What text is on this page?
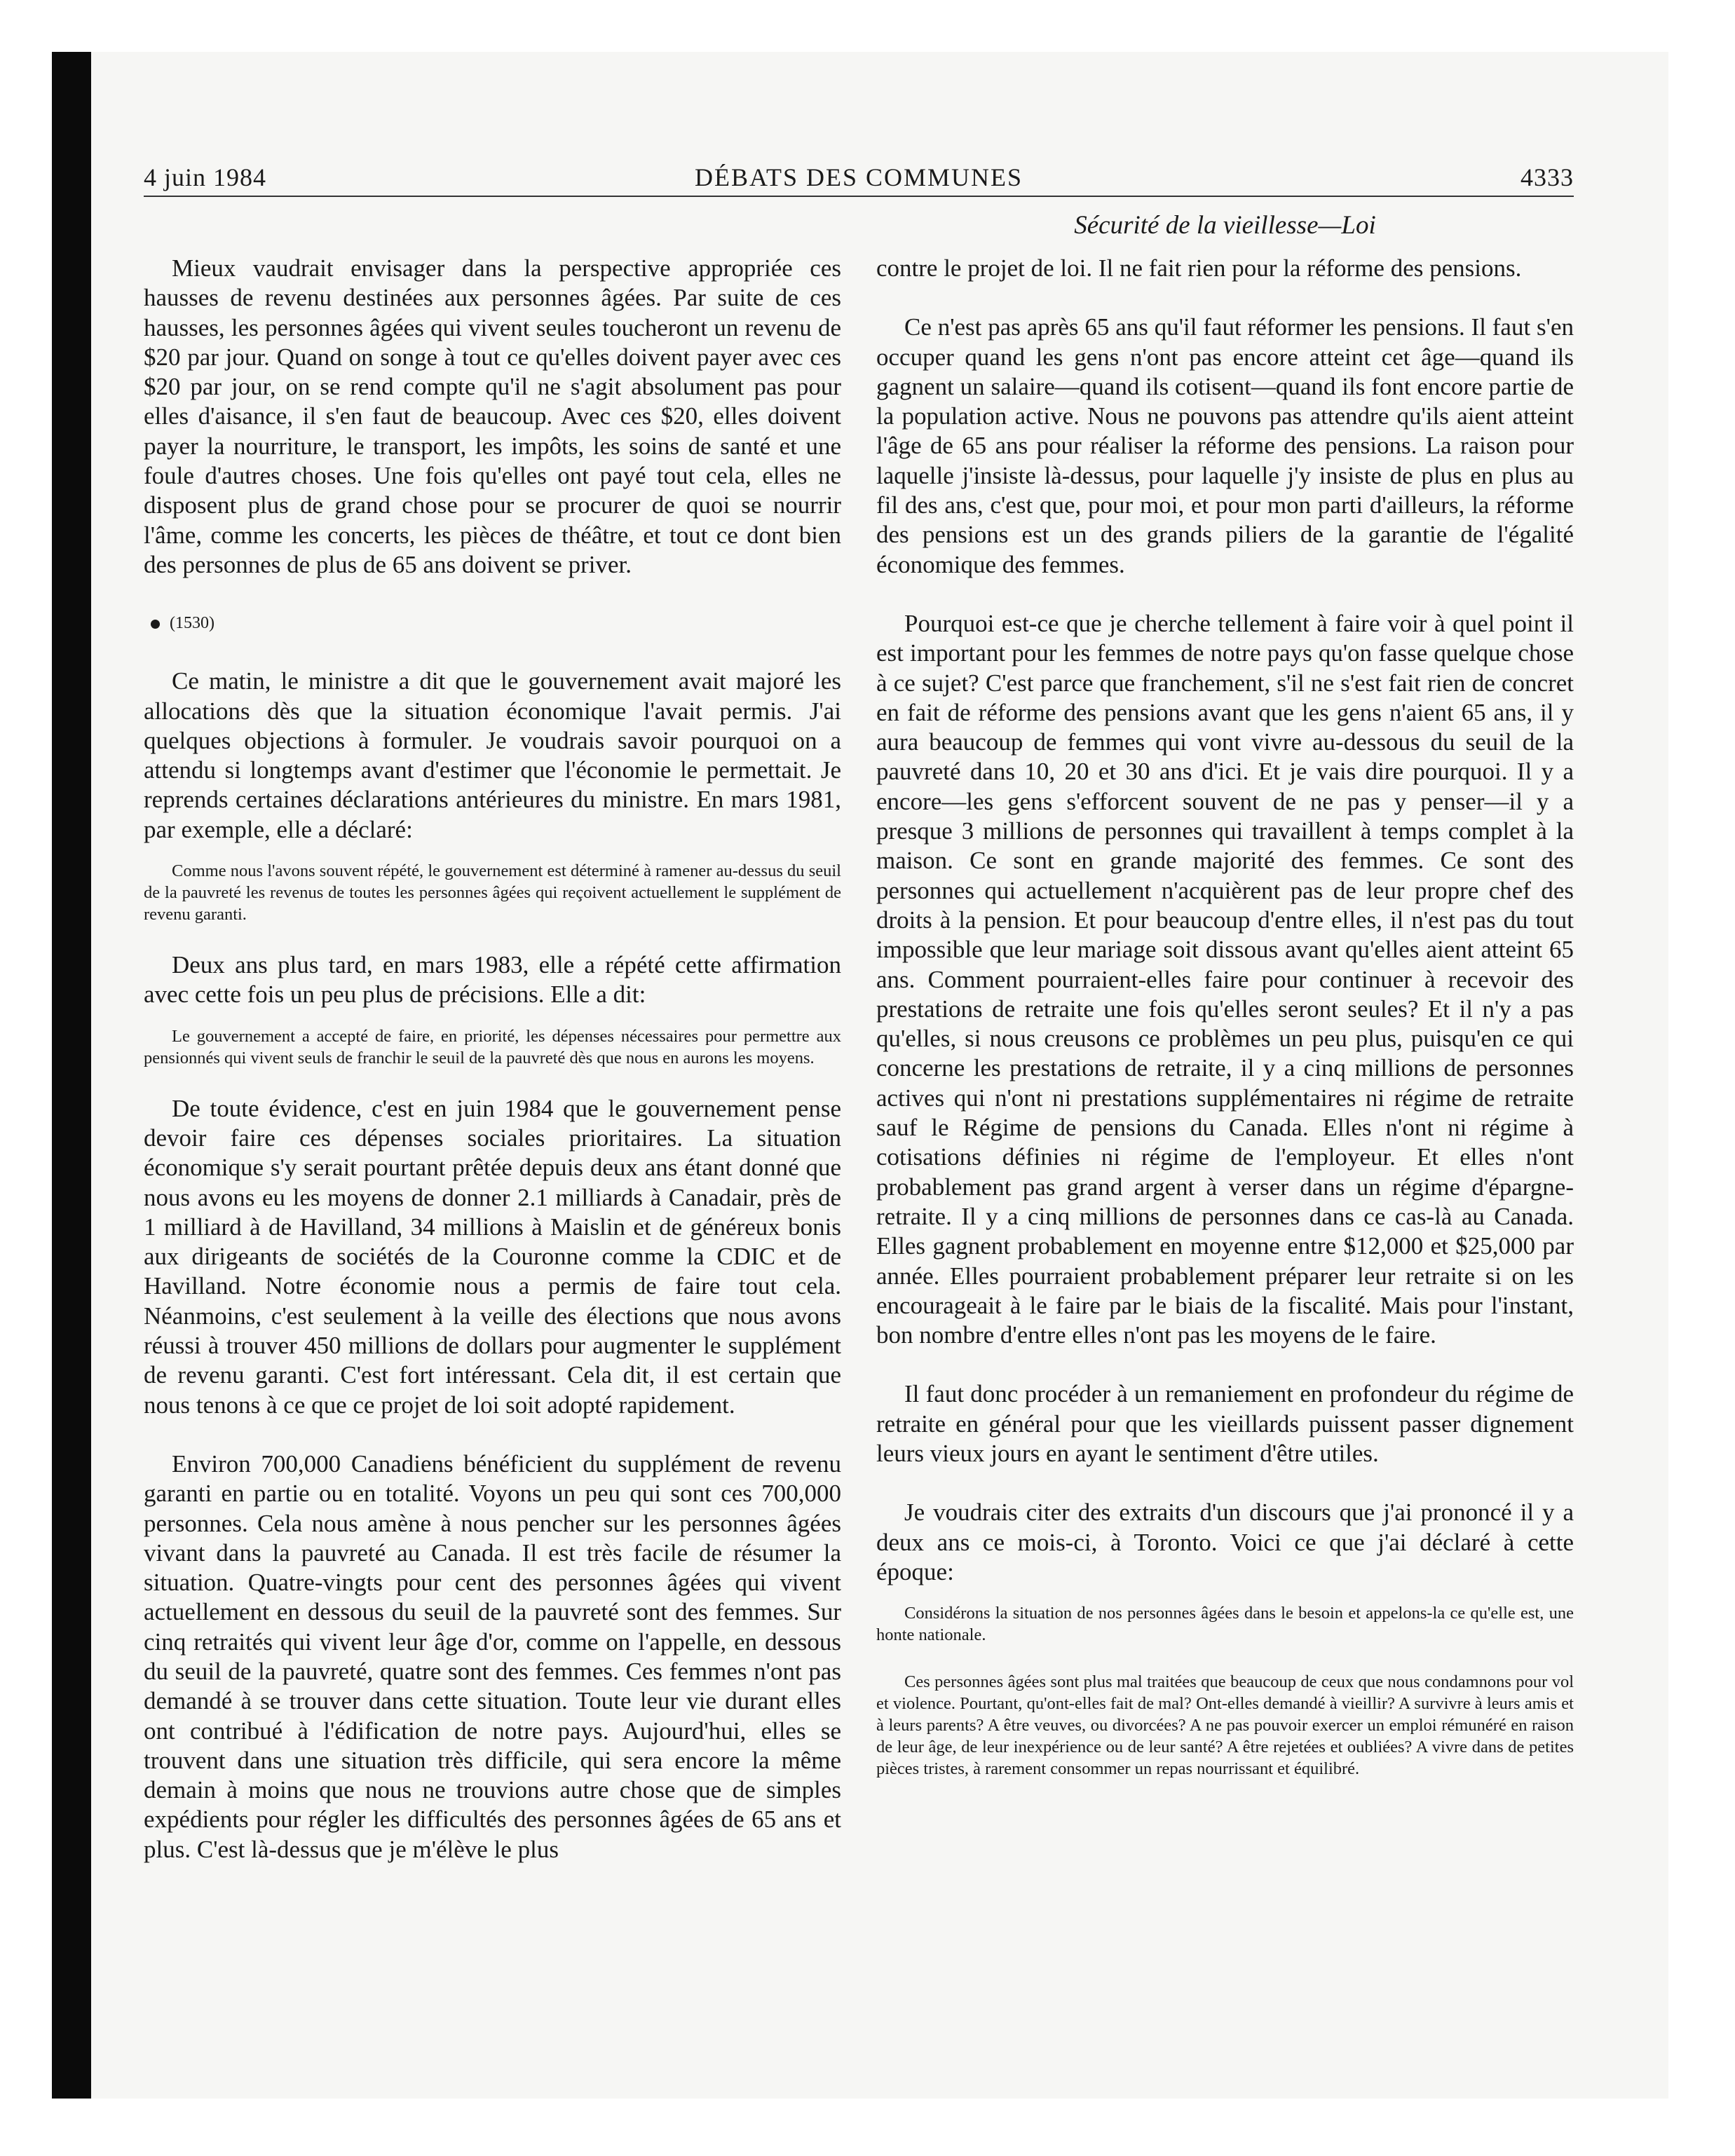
4 juin 1984	DÉBATS DES COMMUNES	4333
Sécurité de la vieillesse—Loi

Mieux vaudrait envisager dans la perspective appropriée ces hausses de revenu destinées aux personnes âgées. Par suite de ces hausses, les personnes âgées qui vivent seules toucheront un revenu de $20 par jour. Quand on songe à tout ce qu'elles doivent payer avec ces $20 par jour, on se rend compte qu'il ne s'agit absolument pas pour elles d'aisance, il s'en faut de beaucoup. Avec ces $20, elles doivent payer la nourriture, le transport, les impôts, les soins de santé et une foule d'autres choses. Une fois qu'elles ont payé tout cela, elles ne disposent plus de grand chose pour se procurer de quoi se nourrir l'âme, comme les concerts, les pièces de théâtre, et tout ce dont bien des personnes de plus de 65 ans doivent se priver.

(1530)

Ce matin, le ministre a dit que le gouvernement avait majoré les allocations dès que la situation économique l'avait permis. J'ai quelques objections à formuler. Je voudrais savoir pourquoi on a attendu si longtemps avant d'estimer que l'économie le permettait. Je reprends certaines déclarations antérieures du ministre. En mars 1981, par exemple, elle a déclaré:

Comme nous l'avons souvent répété, le gouvernement est déterminé à ramener au-dessus du seuil de la pauvreté les revenus de toutes les personnes âgées qui reçoivent actuellement le supplément de revenu garanti.

Deux ans plus tard, en mars 1983, elle a répété cette affirmation avec cette fois un peu plus de précisions. Elle a dit:

Le gouvernement a accepté de faire, en priorité, les dépenses nécessaires pour permettre aux pensionnés qui vivent seuls de franchir le seuil de la pauvreté dès que nous en aurons les moyens.

De toute évidence, c'est en juin 1984 que le gouvernement pense devoir faire ces dépenses sociales prioritaires. La situation économique s'y serait pourtant prêtée depuis deux ans étant donné que nous avons eu les moyens de donner 2.1 milliards à Canadair, près de 1 milliard à de Havilland, 34 millions à Maislin et de généreux bonis aux dirigeants de sociétés de la Couronne comme la CDIC et de Havilland. Notre économie nous a permis de faire tout cela. Néanmoins, c'est seulement à la veille des élections que nous avons réussi à trouver 450 millions de dollars pour augmenter le supplément de revenu garanti. C'est fort intéressant. Cela dit, il est certain que nous tenons à ce que ce projet de loi soit adopté rapidement.

Environ 700,000 Canadiens bénéficient du supplément de revenu garanti en partie ou en totalité. Voyons un peu qui sont ces 700,000 personnes. Cela nous amène à nous pencher sur les personnes âgées vivant dans la pauvreté au Canada. Il est très facile de résumer la situation. Quatre-vingts pour cent des personnes âgées qui vivent actuellement en dessous du seuil de la pauvreté sont des femmes. Sur cinq retraités qui vivent leur âge d'or, comme on l'appelle, en dessous du seuil de la pauvreté, quatre sont des femmes. Ces femmes n'ont pas demandé à se trouver dans cette situation. Toute leur vie durant elles ont contribué à l'édification de notre pays. Aujourd'hui, elles se trouvent dans une situation très difficile, qui sera encore la même demain à moins que nous ne trouvions autre chose que de simples expédients pour régler les difficultés des personnes âgées de 65 ans et plus. C'est là-dessus que je m'élève le plus

contre le projet de loi. Il ne fait rien pour la réforme des pensions.

Ce n'est pas après 65 ans qu'il faut réformer les pensions. Il faut s'en occuper quand les gens n'ont pas encore atteint cet âge—quand ils gagnent un salaire—quand ils cotisent—quand ils font encore partie de la population active. Nous ne pouvons pas attendre qu'ils aient atteint l'âge de 65 ans pour réaliser la réforme des pensions. La raison pour laquelle j'insiste là-dessus, pour laquelle j'y insiste de plus en plus au fil des ans, c'est que, pour moi, et pour mon parti d'ailleurs, la réforme des pensions est un des grands piliers de la garantie de l'égalité économique des femmes.

Pourquoi est-ce que je cherche tellement à faire voir à quel point il est important pour les femmes de notre pays qu'on fasse quelque chose à ce sujet? C'est parce que franchement, s'il ne s'est fait rien de concret en fait de réforme des pensions avant que les gens n'aient 65 ans, il y aura beaucoup de femmes qui vont vivre au-dessous du seuil de la pauvreté dans 10, 20 et 30 ans d'ici. Et je vais dire pourquoi. Il y a encore—les gens s'efforcent souvent de ne pas y penser—il y a presque 3 millions de personnes qui travaillent à temps complet à la maison. Ce sont en grande majorité des femmes. Ce sont des personnes qui actuellement n'acquièrent pas de leur propre chef des droits à la pension. Et pour beaucoup d'entre elles, il n'est pas du tout impossible que leur mariage soit dissous avant qu'elles aient atteint 65 ans. Comment pourraient-elles faire pour continuer à recevoir des prestations de retraite une fois qu'elles seront seules? Et il n'y a pas qu'elles, si nous creusons ce problèmes un peu plus, puisqu'en ce qui concerne les prestations de retraite, il y a cinq millions de personnes actives qui n'ont ni prestations supplémentaires ni régime de retraite sauf le Régime de pensions du Canada. Elles n'ont ni régime à cotisations définies ni régime de l'employeur. Et elles n'ont probablement pas grand argent à verser dans un régime d'épargne-retraite. Il y a cinq millions de personnes dans ce cas-là au Canada. Elles gagnent probablement en moyenne entre $12,000 et $25,000 par année. Elles pourraient probablement préparer leur retraite si on les encourageait à le faire par le biais de la fiscalité. Mais pour l'instant, bon nombre d'entre elles n'ont pas les moyens de le faire.

Il faut donc procéder à un remaniement en profondeur du régime de retraite en général pour que les vieillards puissent passer dignement leurs vieux jours en ayant le sentiment d'être utiles.

Je voudrais citer des extraits d'un discours que j'ai prononcé il y a deux ans ce mois-ci, à Toronto. Voici ce que j'ai déclaré à cette époque:

Considérons la situation de nos personnes âgées dans le besoin et appelons-la ce qu'elle est, une honte nationale.

Ces personnes âgées sont plus mal traitées que beaucoup de ceux que nous condamnons pour vol et violence. Pourtant, qu'ont-elles fait de mal? Ont-elles demandé à vieillir? A survivre à leurs amis et à leurs parents? A être veuves, ou divorcées? A ne pas pouvoir exercer un emploi rémunéré en raison de leur âge, de leur inexpérience ou de leur santé? A être rejetées et oubliées? A vivre dans de petites pièces tristes, à rarement consommer un repas nourrissant et équilibré.
